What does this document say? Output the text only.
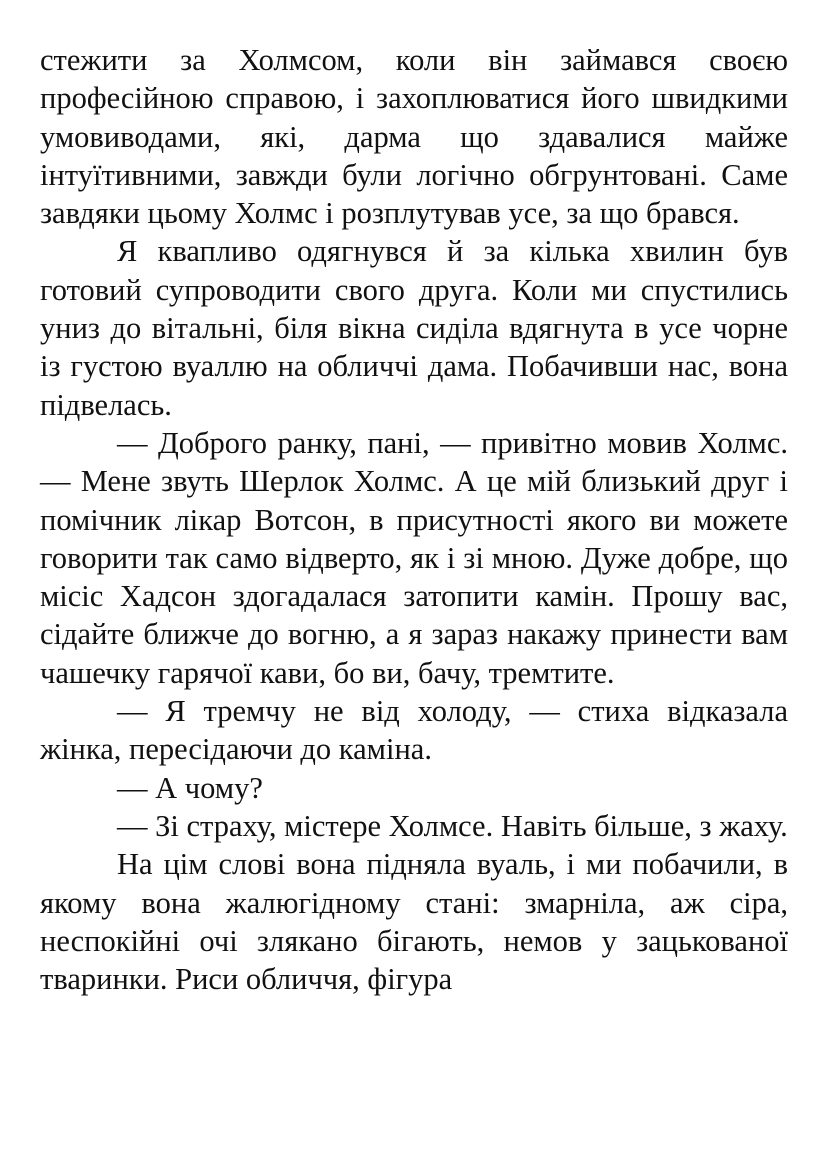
стежити за Холмсом, коли він займався своєю професійною справою, і захоплюватися його швидкими умовиводами, які, дарма що здавалися майже інтуїтивними, завжди були логічно обгрунтовані. Саме завдяки цьому Холмс і розплутував усе, за що брався.

Я квапливо одягнувся й за кілька хвилин був готовий супроводити свого друга. Коли ми спустились униз до вітальні, біля вікна сиділа вдягнута в усе чорне із густою вуаллю на обличчі дама. Побачивши нас, вона підвелась.

— Доброго ранку, пані, — привітно мовив Холмс. — Мене звуть Шерлок Холмс. А це мій близький друг і помічник лікар Вотсон, в присутності якого ви можете говорити так само відверто, як і зі мною. Дуже добре, що місіс Хадсон здогадалася затопити камін. Прошу вас, сідайте ближче до вогню, а я зараз накажу принести вам чашечку гарячої кави, бо ви, бачу, тремтите.

— Я тремчу не від холоду, — стиха відказала жінка, пересідаючи до каміна.

— А чому?

— Зі страху, містере Холмсе. Навіть більше, з жаху.

На цім слові вона підняла вуаль, і ми побачили, в якому вона жалюгідному стані: змарніла, аж сіра, неспокійні очі злякано бігають, немов у зацькованої тваринки. Риси обличчя, фігура
